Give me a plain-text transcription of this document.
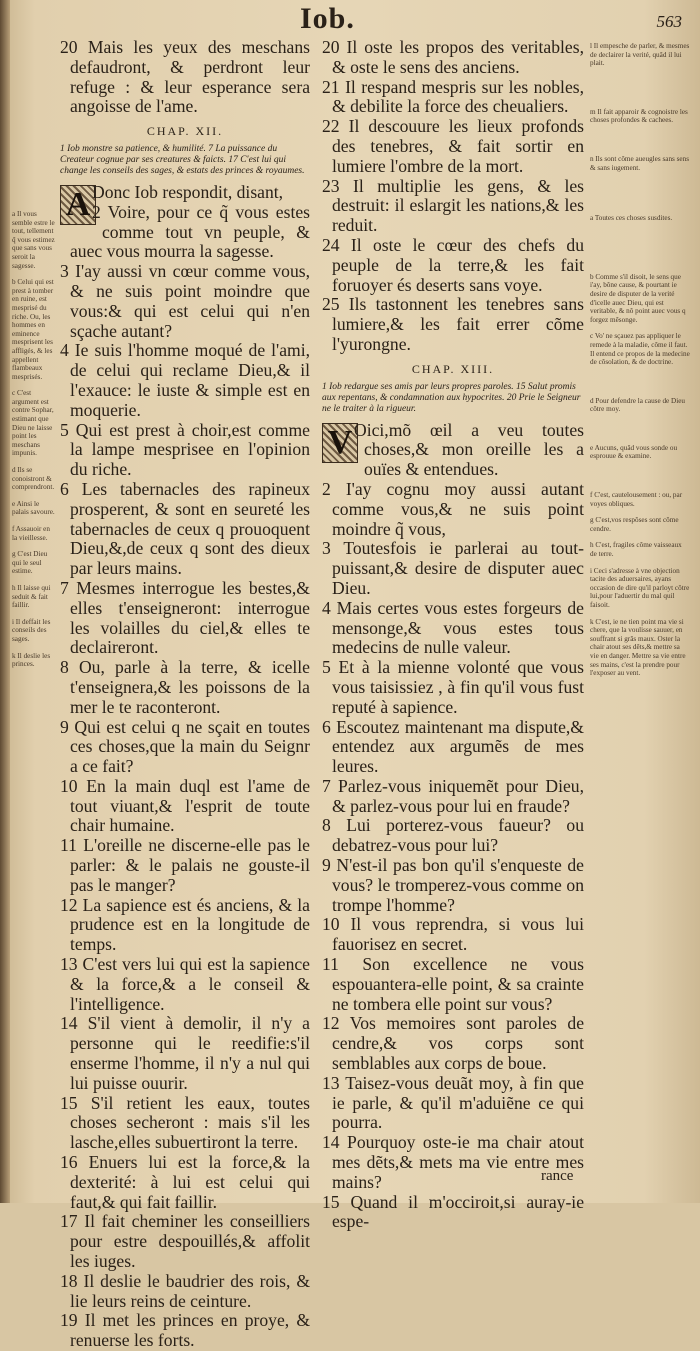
Iob.	563

a Il vous semble estre le tout, tellement q̃ vous estimez que sans vous seroit la sagesse.

b Celui qui est prest à tomber en ruine, est mesprisé du riche. Ou, les hommes en eminence mesprisent les affligés, & les appellent flambeaux mesprisés.

c C'est argument est contre Sophar, estimant que Dieu ne laisse point les meschans impunis.

d Ils se conoistront & comprendront.

e Ainsi le palais savoure.

f Assauoir en la vieillesse.

g C'est Dieu qui le seul estime.

h Il laisse qui seduit & fait faillir.

i Il deffait les conseils des sages.

k Il deslie les princes.

20 Mais les yeux des meschans defaudront, & perdront leur refuge : & leur esperance sera angoisse de l'ame.

CHAP. XII.

1 Iob monstre sa patience, & humilité. 7 La puissance du Createur cognue par ses creatures & faicts. 17 C'est lui qui change les conseils des sages, & estats des princes & royaumes.

A Donc Iob respondit, disant,

2 Voire, pour ce q̃ vous estes comme tout vn peuple, & auec vous mourra la sagesse.

3 I'ay aussi vn cœur comme vous, & ne suis point moindre que vous:& qui est celui qui n'en sçache autant?

4 Ie suis l'homme moqué de l'ami, de celui qui reclame Dieu,& il l'exauce: le iuste & simple est en moquerie.

5 Qui est prest à choir,est comme la lampe mesprisee en l'opinion du riche.

6 Les tabernacles des rapineux prosperent, & sont en seureté les tabernacles de ceux q prouoquent Dieu,&,de ceux q sont des dieux par leurs mains.

7 Mesmes interrogue les bestes,& elles t'enseigneront: interrogue les volailles du ciel,& elles te declaireront.

8 Ou, parle à la terre, & icelle t'enseignera,& les poissons de la mer le te raconteront.

9 Qui est celui q ne sçait en toutes ces choses,que la main du Seignr a ce fait?

10 En la main duql est l'ame de tout viuant,& l'esprit de toute chair humaine.

11 L'oreille ne discerne-elle pas le parler: & le palais ne gouste-il pas le manger?

12 La sapience est és anciens, & la prudence est en la longitude de temps.

13 C'est vers lui qui est la sapience & la force,& a le conseil & l'intelligence.

14 S'il vient à demolir, il n'y a personne qui le reedifie:s'il enserme l'homme, il n'y a nul qui lui puisse ouurir.

15 S'il retient les eaux, toutes choses secheront : mais s'il les lasche,elles subuertiront la terre.

16 Enuers lui est la force,& la dexterité: à lui est celui qui faut,& qui fait faillir.

17 Il fait cheminer les conseilliers pour estre despouillés,& affolit les iuges.

18 Il deslie le baudrier des rois, & lie leurs reins de ceinture.

19 Il met les princes en proye, & renuerse les forts.

20 Il oste les propos des veritables, & oste le sens des anciens.

21 Il respand mespris sur les nobles, & debilite la force des cheualiers.

22 Il descouure les lieux profonds des tenebres, & fait sortir en lumiere l'ombre de la mort.

23 Il multiplie les gens, & les destruit: il eslargit les nations,& les reduit.

24 Il oste le cœur des chefs du peuple de la terre,& les fait foruoyer és deserts sans voye.

25 Ils tastonnent les tenebres sans lumiere,& les fait errer cõme l'yurongne.

CHAP. XIII.

1 Iob redargue ses amis par leurs propres paroles. 15 Salut promis aux repentans, & condamnation aux hypocrites. 20 Prie le Seigneur ne le traiter à la rigueur.

V Oici,mõ œil a veu toutes choses,& mon oreille les a ouïes & entendues.

2 I'ay cognu moy aussi autant comme vous,& ne suis point moindre q̃ vous,

3 Toutesfois ie parlerai au tout-puissant,& desire de disputer auec Dieu.

4 Mais certes vous estes forgeurs de mensonge,& vous estes tous medecins de nulle valeur.

5 Et à la mienne volonté que vous vous taisissiez , à fin qu'il vous fust reputé à sapience.

6 Escoutez maintenant ma dispute,& entendez aux argumẽs de mes leures.

7 Parlez-vous iniquemẽt pour Dieu, & parlez-vous pour lui en fraude?

8 Lui porterez-vous faueur? ou debatrez-vous pour lui?

9 N'est-il pas bon qu'il s'enqueste de vous? le tromperez-vous comme on trompe l'homme?

10 Il vous reprendra, si vous lui fauorisez en secret.

11 Son excellence ne vous espouantera-elle point, & sa crainte ne tombera elle point sur vous?

12 Vos memoires sont paroles de cendre,& vos corps sont semblables aux corps de boue.

13 Taisez-vous deuãt moy, à fin que ie parle, & qu'il m'aduiẽne ce qui pourra.

14 Pourquoy oste-ie ma chair atout mes dẽts,& mets ma vie entre mes mains?

15 Quand il m'occiroit,si auray-ie espe-

l Il empesche de parler, & mesmes de declairer la verité, quãd il lui plait.

m Il fait apparoir & cognoistre les choses profondes & cachees.

n Ils sont cõme aueugles sans sens & sans iugement.

a Toutes ces choses susdites.

b Comme s'il disoit, le sens que i'ay, bõne cause, & pourtant ie desire de disputer de la verité d'icelle auec Dieu, qui est veritable, & nõ point auec vous q forgez mẽsonge.

c Vo' ne sçauez pas appliquer le remede à la maladie, cõme il faut. Il entend ce propos de la medecine de cõsolation, & de doctrine.

d Pour defendre la cause de Dieu cõtre moy.

e Aucuns, quãd vous sonde ou esprouue & examine.

f C'est, cautelousement : ou, par voyes obliques.

g C'est,vos respõses sont cõme cendre.

h C'est, fragiles cõme vaisseaux de terre.

i Ceci s'adresse à vne objection tacite des aduersaires, ayans occasion de dire qu'il parloyt cõtre lui,pour l'aduertir du mal quil faisoit.

k C'est, ie ne tien point ma vie si chere, que la voulisse sauuer, en souffrant si grãs maux. Oster la chair atout ses dẽts,& mettre sa vie en danger. Mettre sa vie entre ses mains, c'est la prendre pour l'exposer au vent.

rance
